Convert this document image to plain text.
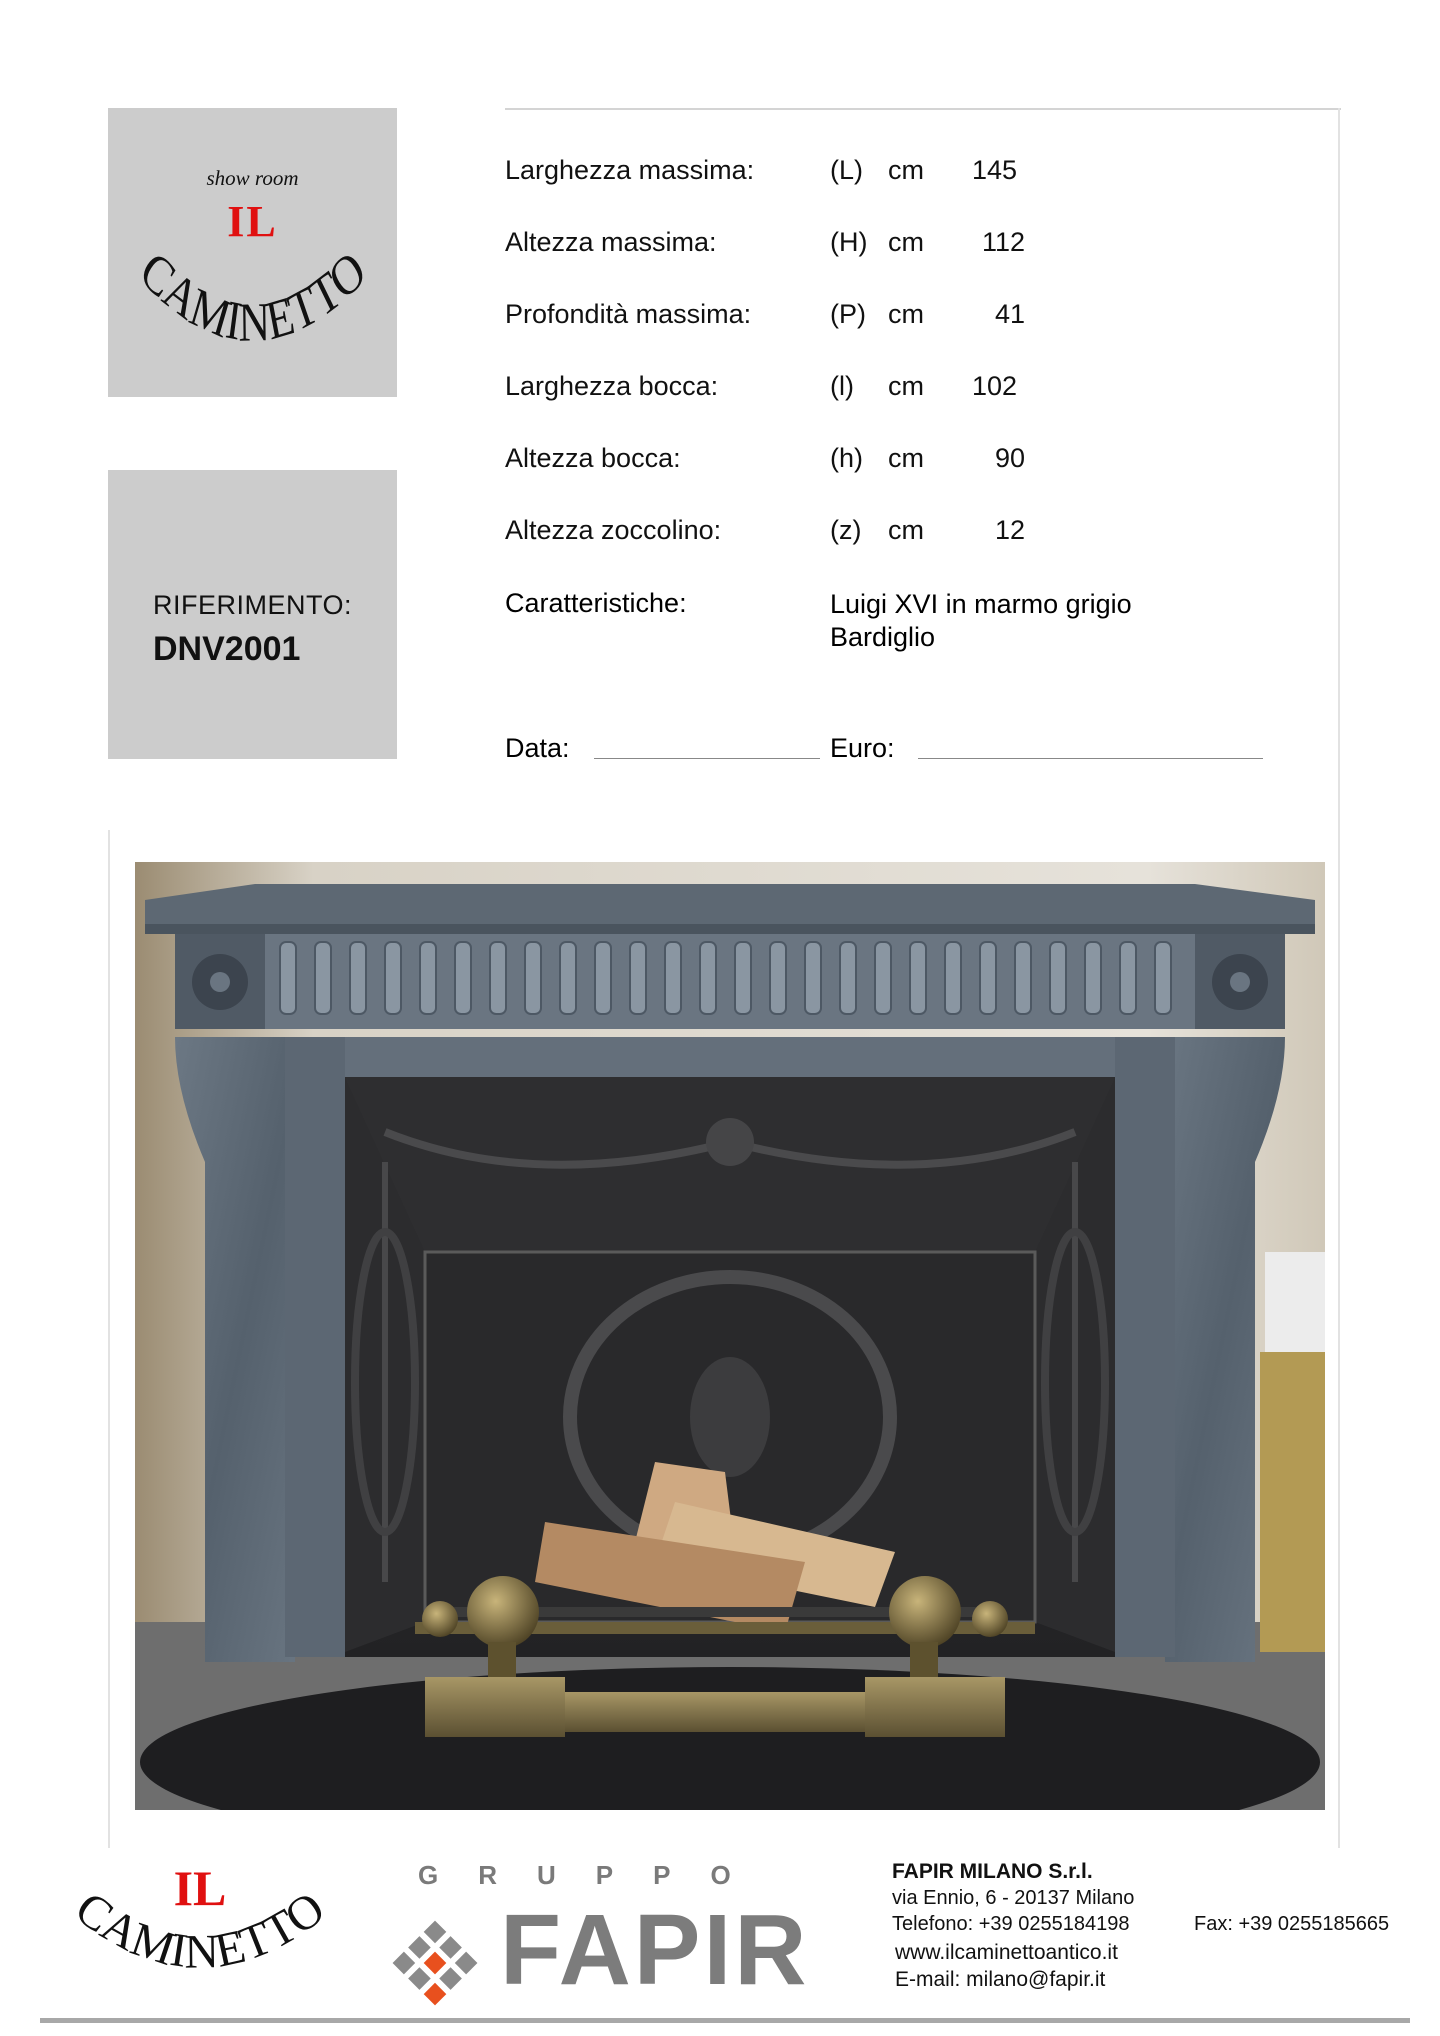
show room
IL
CAMINETTO
RIFERIMENTO:
DNV2001
Larghezza massima:	(L) cm	145
Altezza massima:	(H) cm	112
Profondità massima:	(P) cm	41
Larghezza bocca:	(l) cm	102
Altezza bocca:	(h) cm	90
Altezza zoccolino:	(z) cm	12
Caratteristiche:	Luigi XVI in marmo grigio
Bardiglio
Data:	Euro:
IL
CAMINETTO
GRUPPO
FAPIR
FAPIR MILANO S.r.l.
via Ennio, 6 - 20137 Milano
Telefono: +39 0255184198	Fax: +39 0255185665
www.ilcaminettoantico.it
E-mail: milano@fapir.it
